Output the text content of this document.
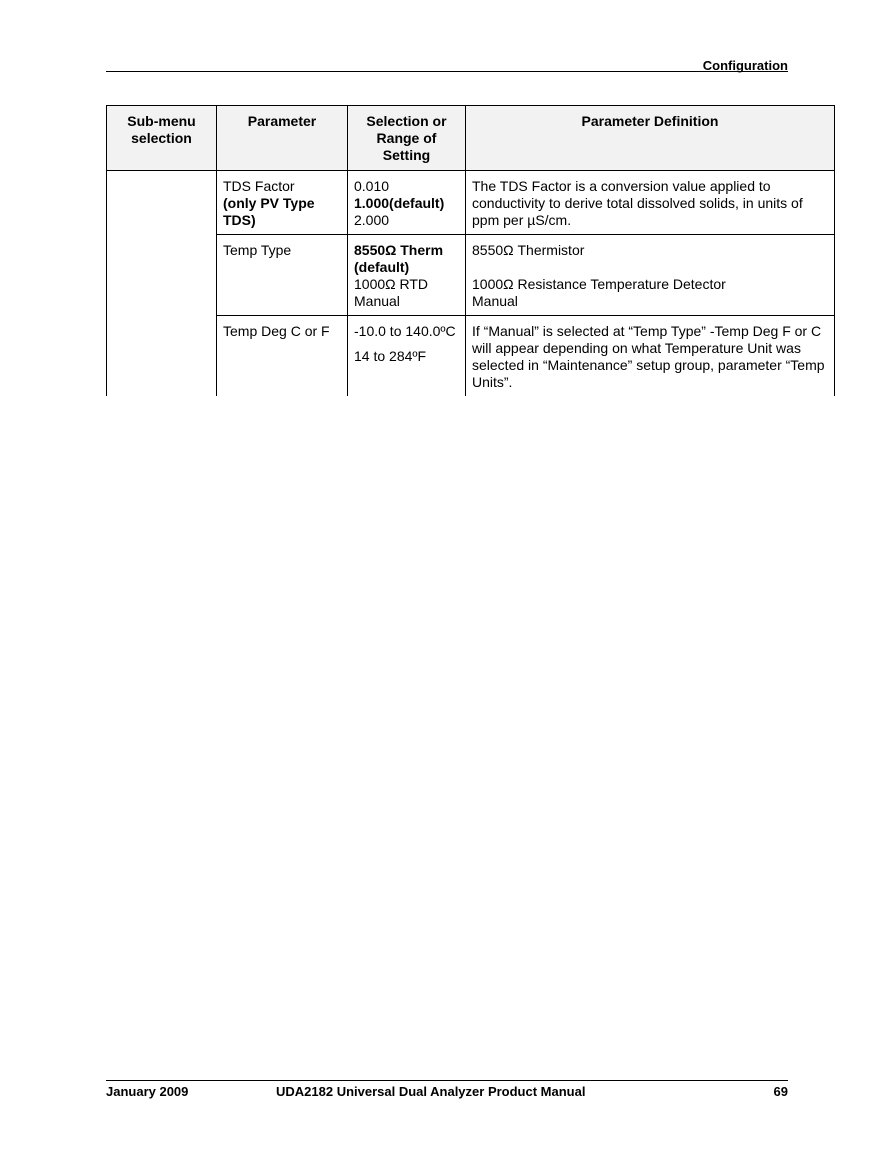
Configuration
Sub-menu selection	Parameter	Selection or Range of Setting	Parameter Definition

	TDS Factor
(only PV Type TDS)	0.010
1.000(default)
2.000	The TDS Factor is a conversion value applied to conductivity to derive total dissolved solids, in units of ppm per µS/cm.

	Temp Type	8550Ω Therm (default)
1000Ω RTD
Manual	8550Ω Thermistor
1000Ω Resistance Temperature Detector
Manual

	Temp Deg C or F	-10.0 to 140.0ºC
14 to 284ºF	If “Manual” is selected at “Temp Type” -Temp Deg F or C will appear depending on what Temperature Unit was selected in “Maintenance” setup group, parameter “Temp Units”.
January 2009	UDA2182 Universal Dual Analyzer Product Manual	69
